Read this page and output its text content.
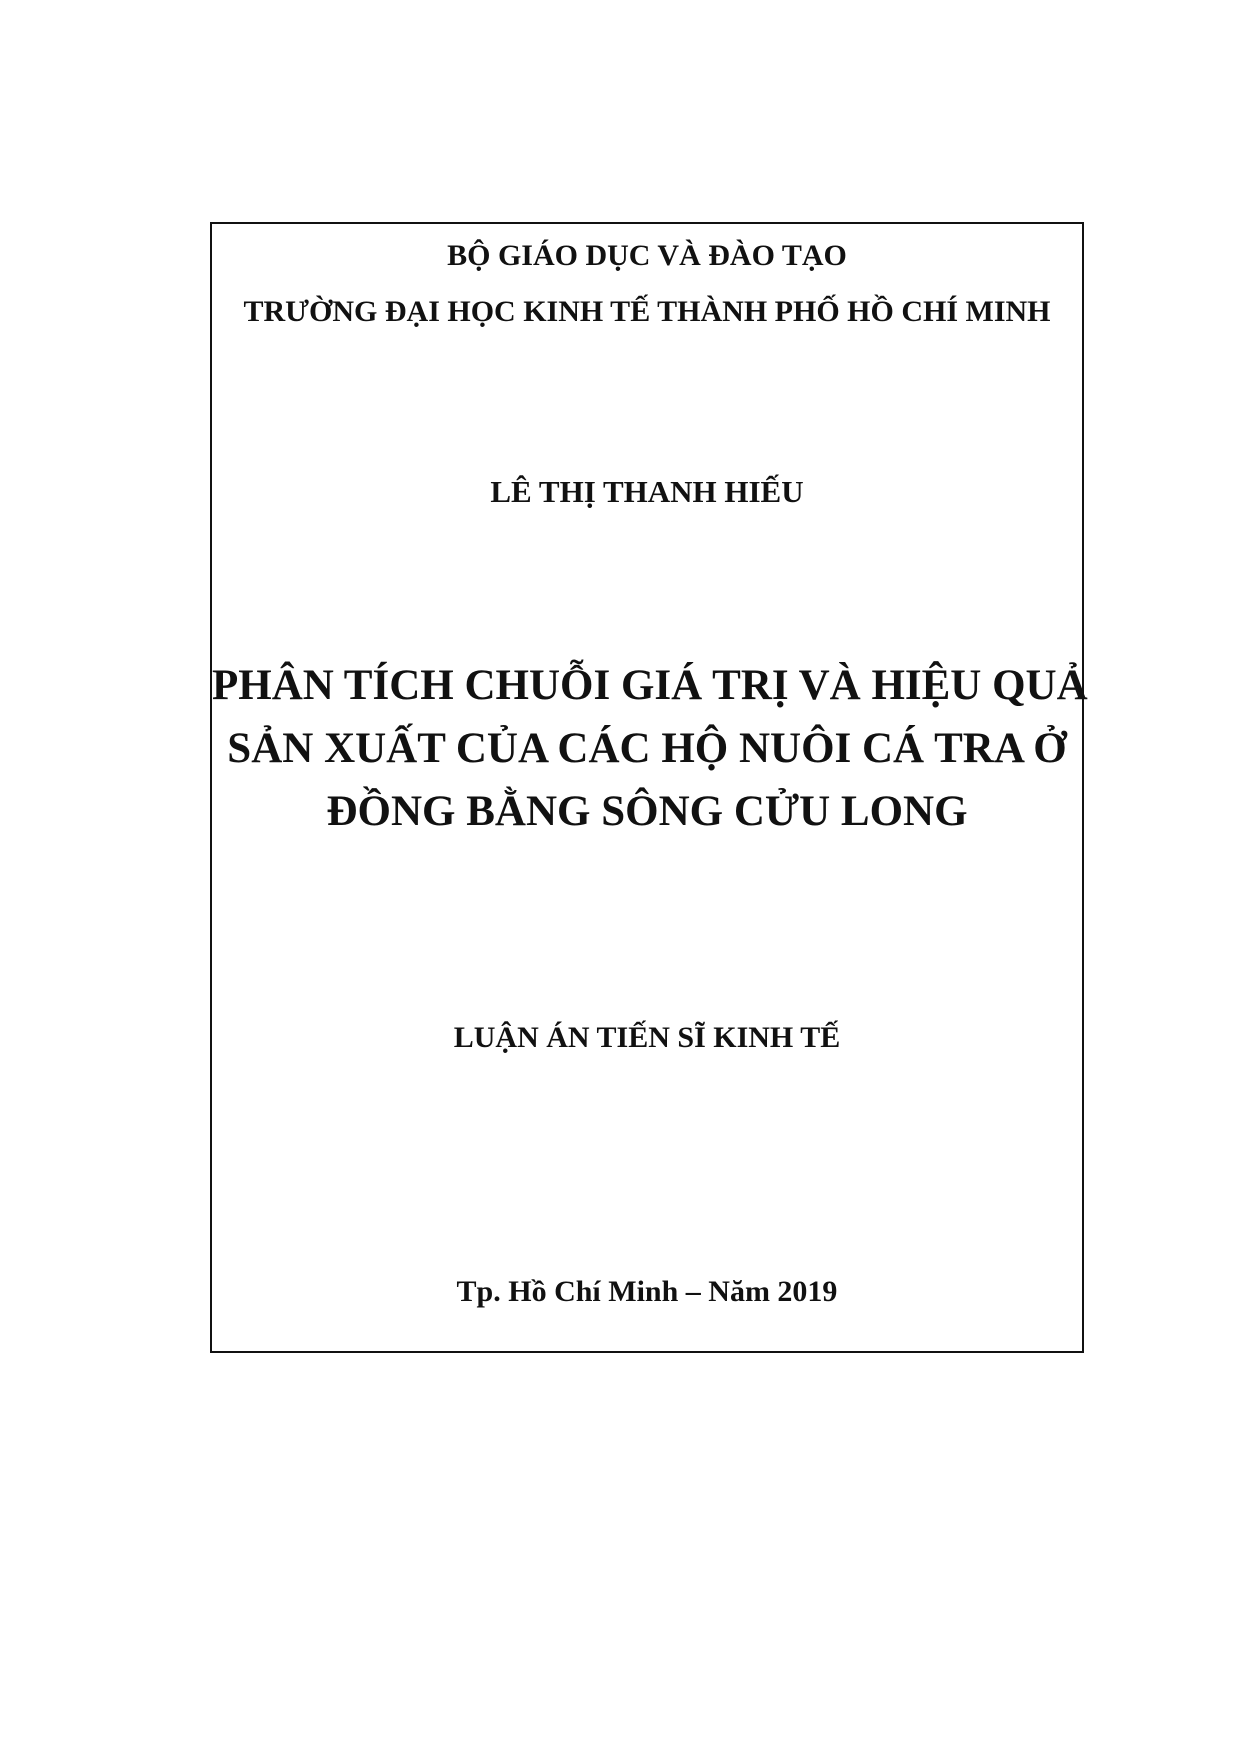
BỘ GIÁO DỤC VÀ ĐÀO TẠO

TRƯỜNG ĐẠI HỌC KINH TẾ THÀNH PHỐ HỒ CHÍ MINH

LÊ THỊ THANH HIẾU

PHÂN TÍCH CHUỖI GIÁ TRỊ VÀ HIỆU QUẢ
SẢN XUẤT CỦA CÁC HỘ NUÔI CÁ TRA Ở
ĐỒNG BẰNG SÔNG CỬU LONG

LUẬN ÁN TIẾN SĨ KINH TẾ

Tp. Hồ Chí Minh – Năm 2019
